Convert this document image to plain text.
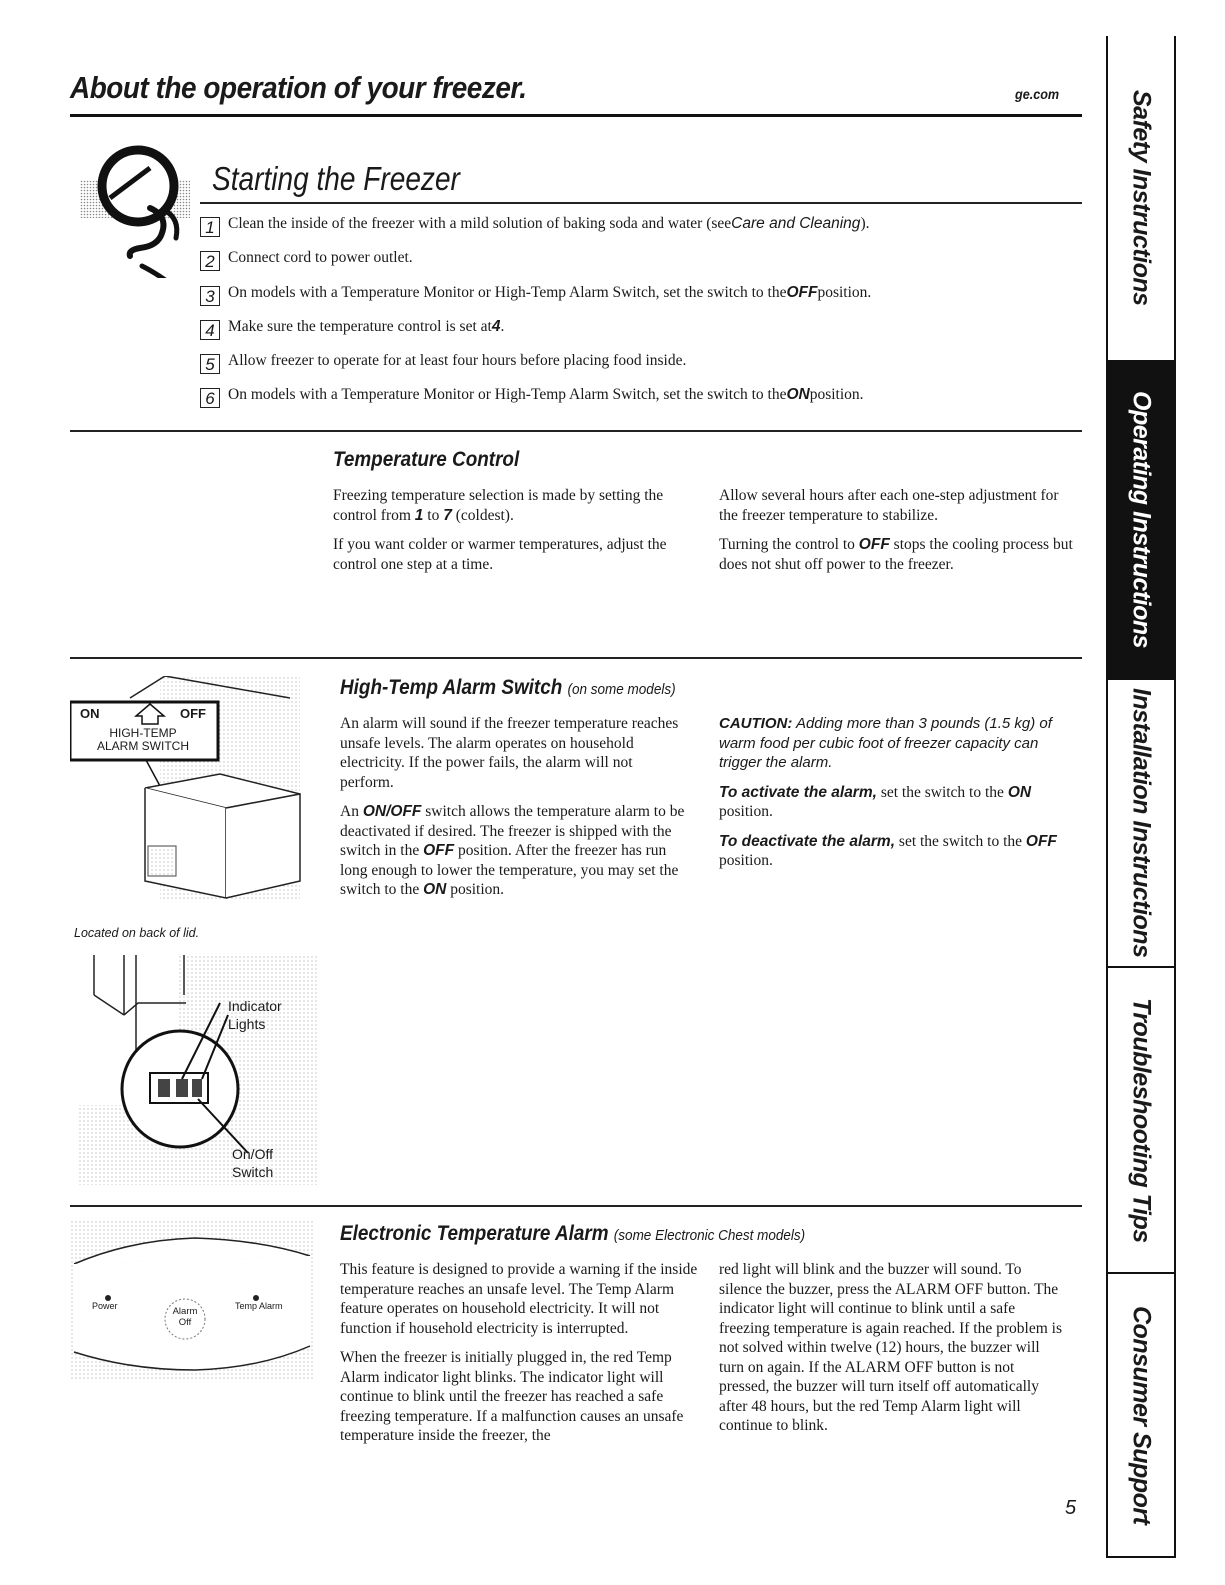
About the operation of your freezer.	ge.com
Starting the Freezer
1 Clean the inside of the freezer with a mild solution of baking soda and water (see Care and Cleaning ).
2 Connect cord to power outlet.
3 On models with a Temperature Monitor or High-Temp Alarm Switch, set the switch to the OFF position.
4 Make sure the temperature control is set at 4 .
5 Allow freezer to operate for at least four hours before placing food inside.
6 On models with a Temperature Monitor or High-Temp Alarm Switch, set the switch to the ON position.
Temperature Control

Freezing temperature selection is made by setting the control from 1 to 7 (coldest).

If you want colder or warmer temperatures, adjust the control one step at a time.

Allow several hours after each one-step adjustment for the freezer temperature to stabilize.

Turning the control to OFF stops the cooling process but does not shut off power to the freezer.

ON	OFF
HIGH-TEMP
ALARM SWITCH
Located on back of lid.
Indicator
Lights
On/Off
Switch
High-Temp Alarm Switch (on some models)

An alarm will sound if the freezer temperature reaches unsafe levels. The alarm operates on household electricity. If the power fails, the alarm will not perform.

An ON/OFF switch allows the temperature alarm to be deactivated if desired. The freezer is shipped with the switch in the OFF position. After the freezer has run long enough to lower the temperature, you may set the switch to the ON position.

CAUTION: Adding more than 3 pounds (1.5 kg) of warm food per cubic foot of freezer capacity can trigger the alarm.

To activate the alarm, set the switch to the ON position.

To deactivate the alarm, set the switch to the OFF position.

Power	Alarm
Off
Temp Alarm
Electronic Temperature Alarm (some Electronic Chest models)

This feature is designed to provide a warning if the inside temperature reaches an unsafe level. The Temp Alarm feature operates on household electricity. It will not function if household electricity is interrupted.

When the freezer is initially plugged in, the red Temp Alarm indicator light blinks. The indicator light will continue to blink until the freezer has reached a safe freezing temperature. If a malfunction causes an unsafe temperature inside the freezer, the

red light will blink and the buzzer will sound. To silence the buzzer, press the ALARM OFF button. The indicator light will continue to blink until a safe freezing temperature is again reached. If the problem is not solved within twelve (12) hours, the buzzer will turn on again. If the ALARM OFF button is not pressed, the buzzer will turn itself off automatically after 48 hours, but the red Temp Alarm light will continue to blink.

5
Safety Instructions
Operating Instructions
Installation Instructions
Troubleshooting Tips
Consumer Support
